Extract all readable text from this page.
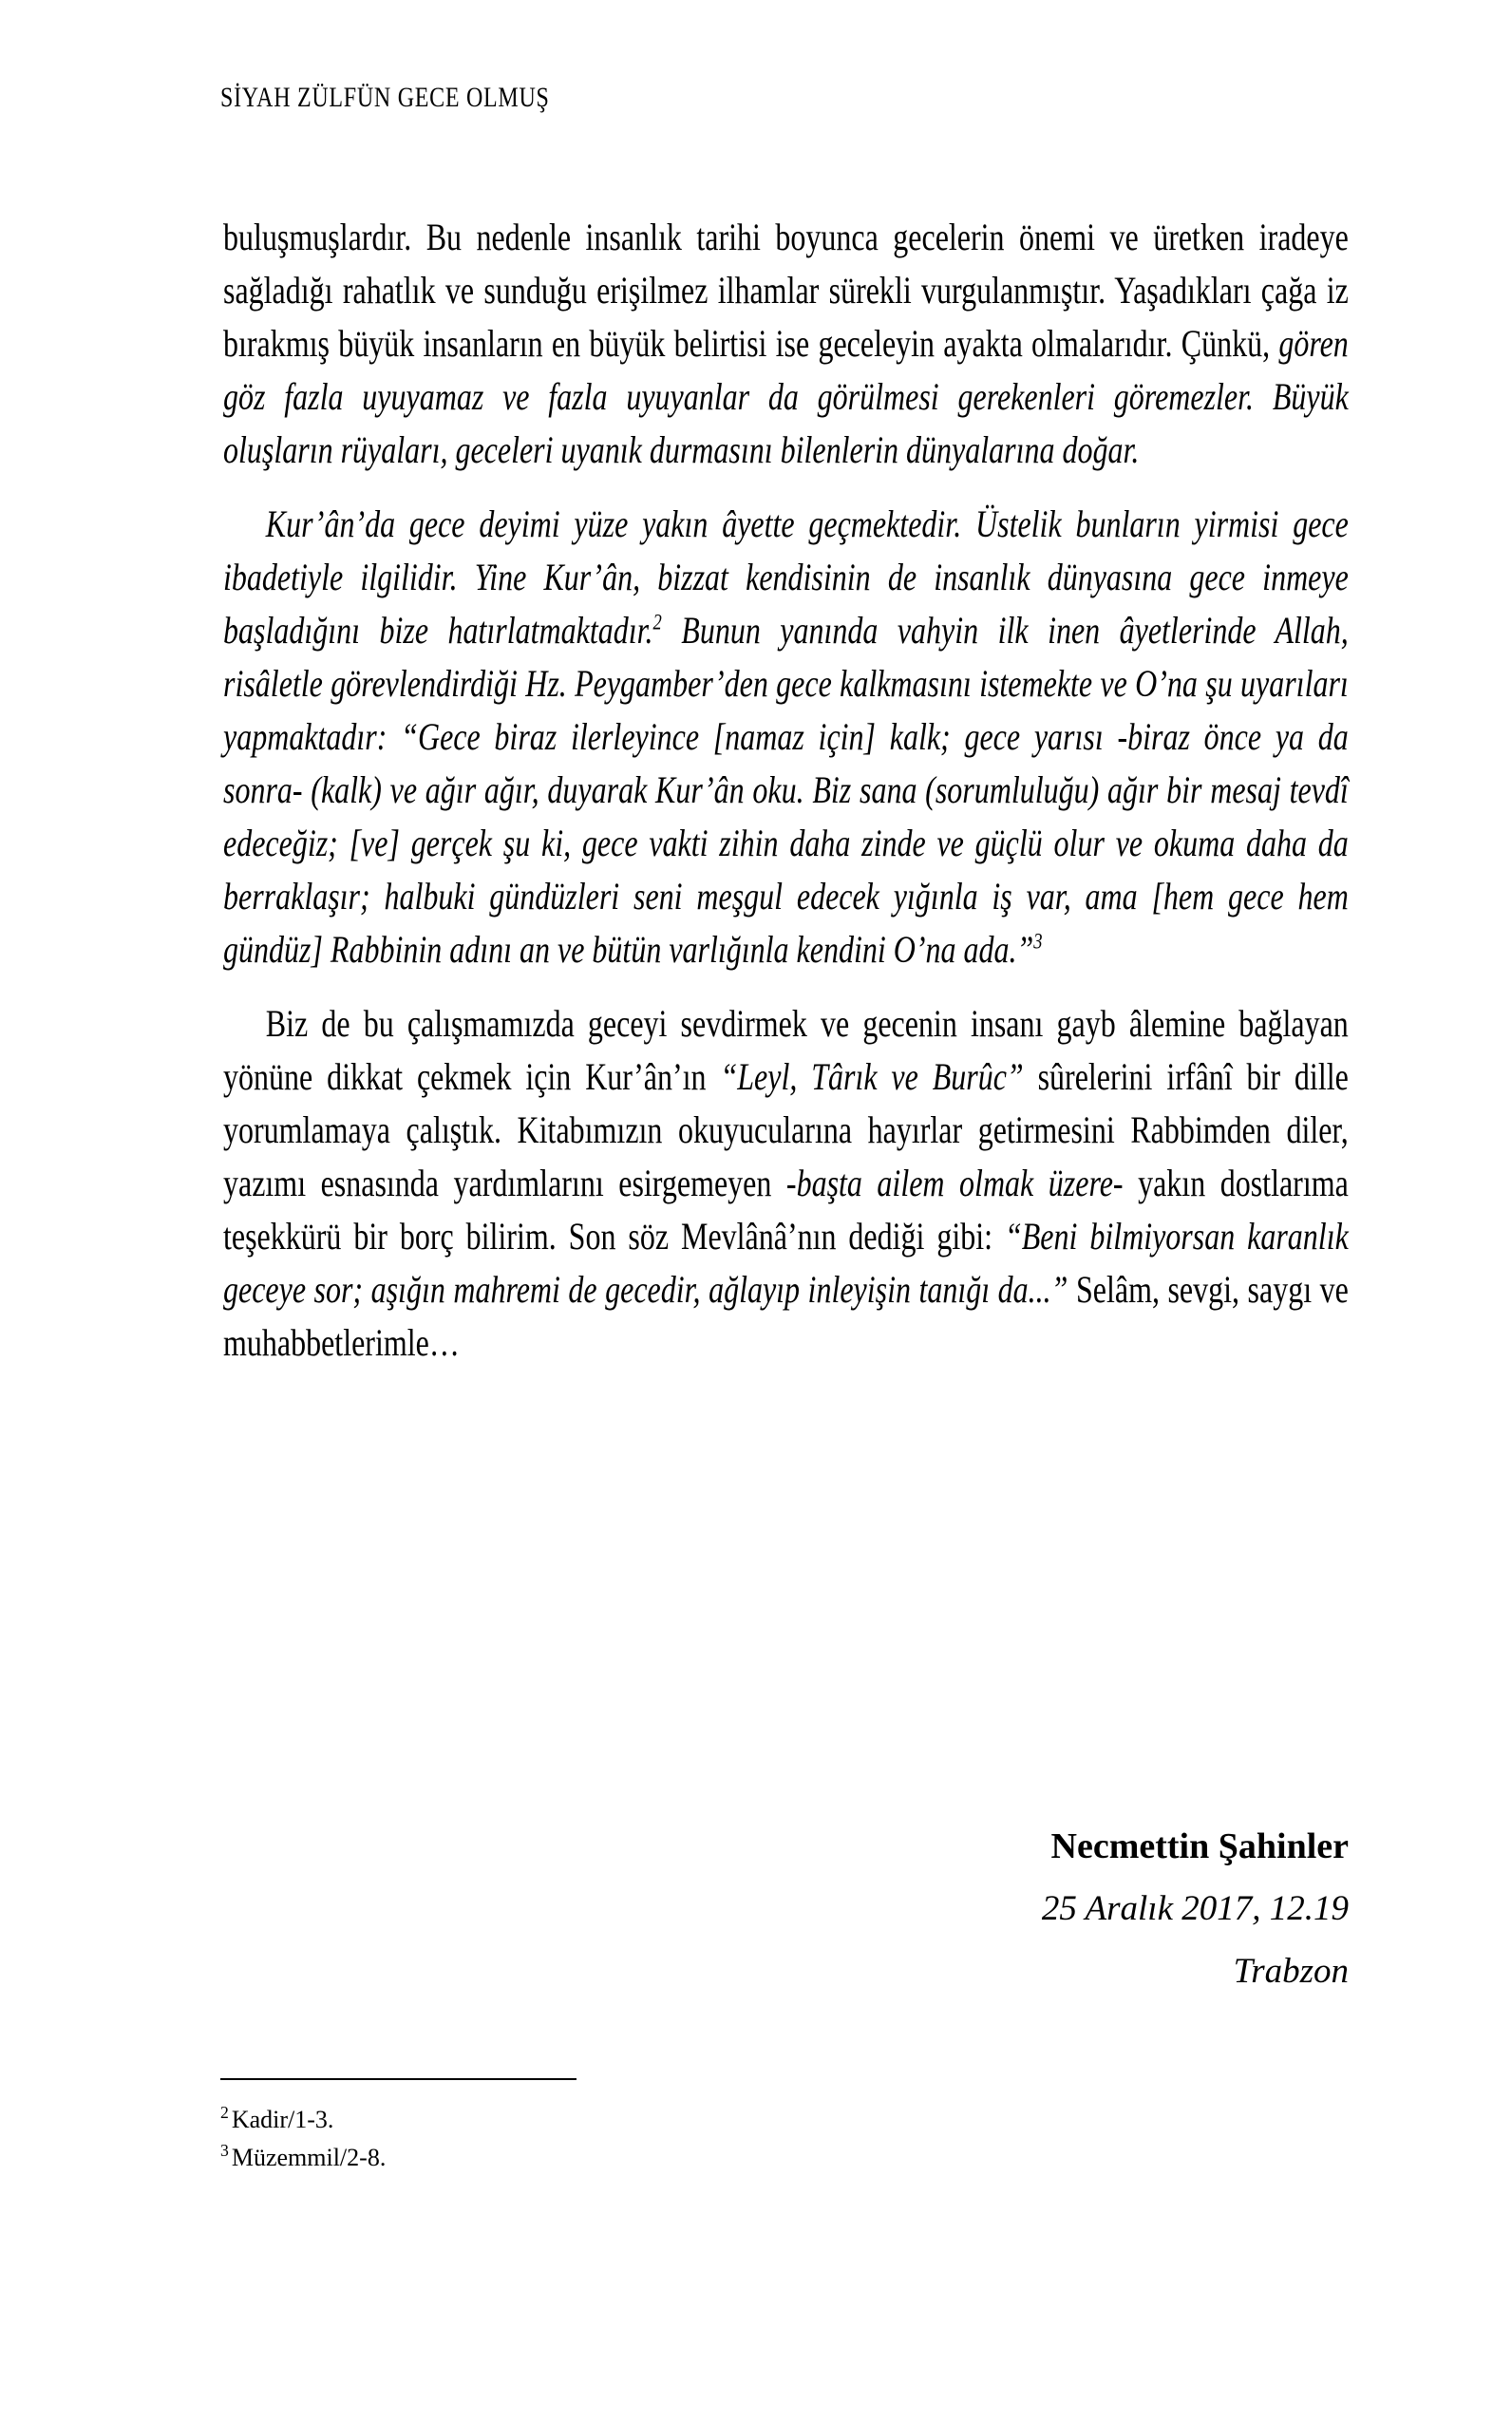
SİYAH ZÜLFÜN GECE OLMUŞ

buluşmuşlardır. Bu nedenle insanlık tarihi boyunca gecelerin önemi ve üretken iradeye sağladığı rahatlık ve sunduğu erişilmez ilhamlar sürekli vurgulanmıştır. Yaşadıkları çağa iz bırakmış büyük insanların en büyük belirtisi ise geceleyin ayakta olmalarıdır. Çünkü, gören göz fazla uyuyamaz ve fazla uyuyanlar da görülmesi gerekenleri göremezler. Büyük oluşların rüyaları, geceleri uyanık durmasını bilenlerin dünyalarına doğar.

Kur’ân’da gece deyimi yüze yakın âyette geçmektedir. Üstelik bunların yirmisi gece ibadetiyle ilgilidir. Yine Kur’ân, bizzat kendisinin de insanlık dünyasına gece inmeye başladığını bize hatırlatmaktadır.$^2$ Bunun yanında vahyin ilk inen âyetlerinde Allah, risâletle görevlendirdiği Hz. Peygamber’den gece kalkmasını istemekte ve O’na şu uyarıları yapmaktadır: “Gece biraz ilerleyince [namaz için] kalk; gece yarısı -biraz önce ya da sonra- (kalk) ve ağır ağır, duyarak Kur’ân oku. Biz sana (sorumluluğu) ağır bir mesaj tevdî edeceğiz; [ve] gerçek şu ki, gece vakti zihin daha zinde ve güçlü olur ve okuma daha da berraklaşır; halbuki gündüzleri seni meşgul edecek yığınla iş var, ama [hem gece hem gündüz] Rabbinin adını an ve bütün varlığınla kendini O’na ada.”$^3$

Biz de bu çalışmamızda geceyi sevdirmek ve gecenin insanı gayb âlemine bağlayan yönüne dikkat çekmek için Kur’ân’ın “Leyl, Târık ve Burûc” sûrelerini irfânî bir dille yorumlamaya çalıştık. Kitabımızın okuyucularına hayırlar getirmesini Rabbimden diler, yazımı esnasında yardımlarını esirgemeyen -başta ailem olmak üzere- yakın dostlarıma teşekkürü bir borç bilirim. Son söz Mevlânâ’nın dediği gibi: “Beni bilmiyorsan karanlık geceye sor; aşığın mahremi de gecedir, ağlayıp inleyişin tanığı da...” Selâm, sevgi, saygı ve muhabbetlerimle…

Necmettin Şahinler
25 Aralık 2017, 12.19
Trabzon
$^2$ Kadir/1-3.
$^3$ Müzemmil/2-8.
